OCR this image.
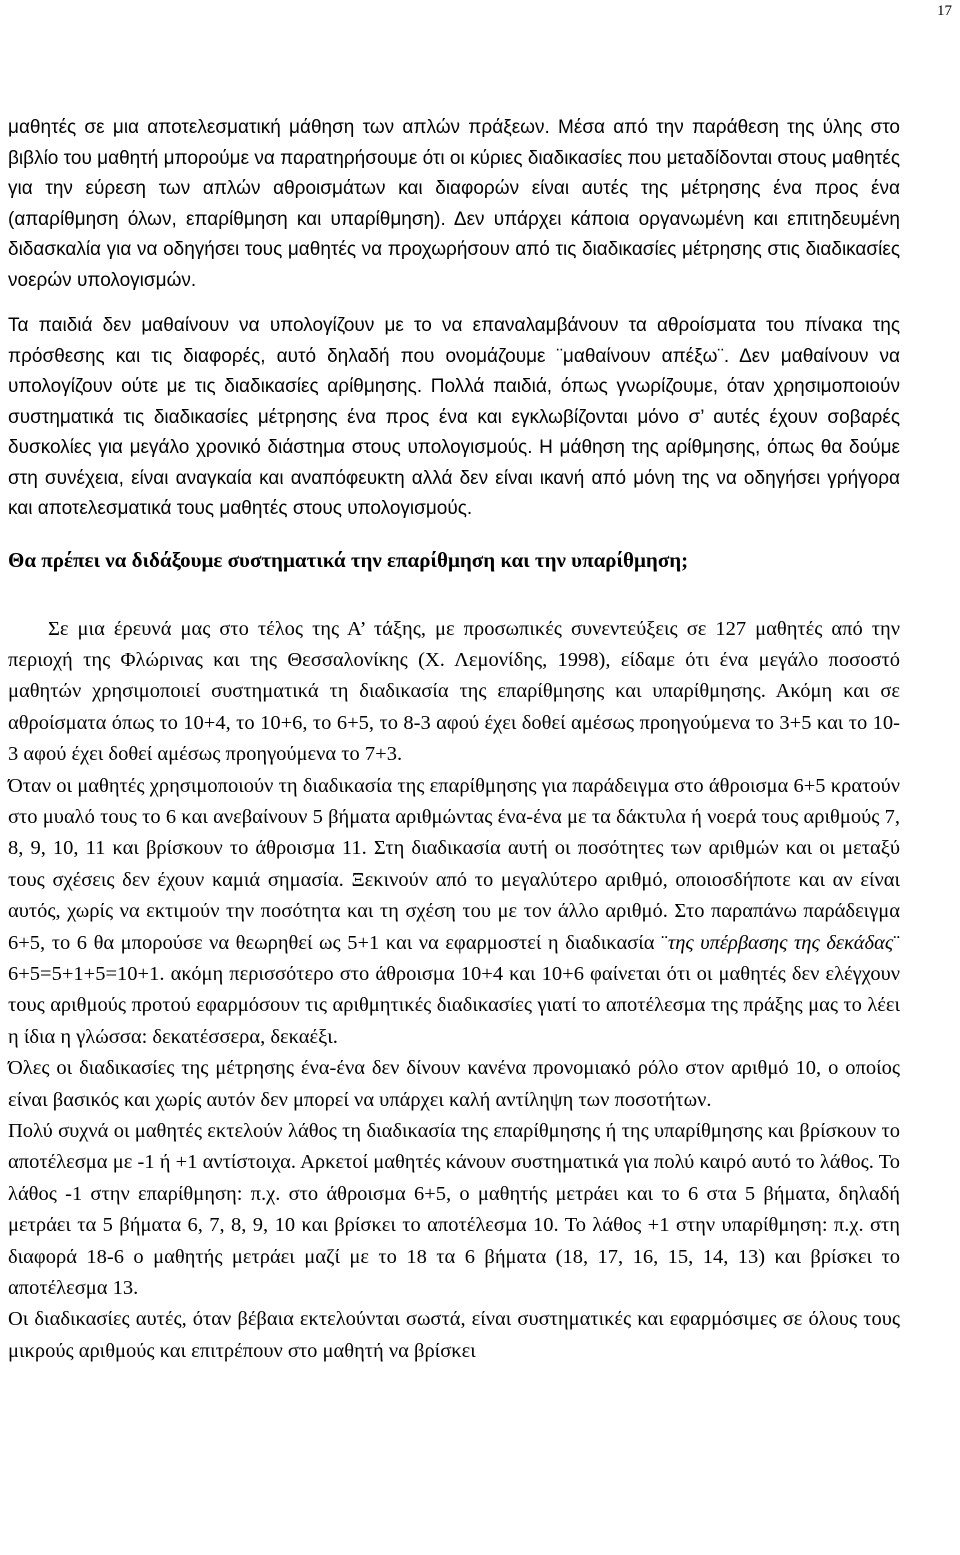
17

μαθητές σε μια αποτελεσματική μάθηση των απλών πράξεων. Μέσα από την παράθεση της ύλης στο βιβλίο του μαθητή μπορούμε να παρατηρήσουμε ότι οι κύριες διαδικασίες που μεταδίδονται στους μαθητές για την εύρεση των απλών αθροισμάτων και διαφορών είναι αυτές της μέτρησης ένα προς ένα (απαρίθμηση όλων, επαρίθμηση και υπαρίθμηση). Δεν υπάρχει κάποια οργανωμένη και επιτηδευμένη διδασκαλία για να οδηγήσει τους μαθητές να προχωρήσουν από τις διαδικασίες μέτρησης στις διαδικασίες νοερών υπολογισμών.

Τα παιδιά δεν μαθαίνουν να υπολογίζουν με το να επαναλαμβάνουν τα αθροίσματα του πίνακα της πρόσθεσης και τις διαφορές, αυτό δηλαδή που ονομάζουμε ¨μαθαίνουν απέξω¨. Δεν μαθαίνουν να υπολογίζουν ούτε με τις διαδικασίες αρίθμησης. Πολλά παιδιά, όπως γνωρίζουμε, όταν χρησιμοποιούν συστηματικά τις διαδικασίες μέτρησης ένα προς ένα και εγκλωβίζονται μόνο σ’ αυτές έχουν σοβαρές δυσκολίες για μεγάλο χρονικό διάστημα στους υπολογισμούς. Η μάθηση της αρίθμησης, όπως θα δούμε στη συνέχεια, είναι αναγκαία και αναπόφευκτη αλλά δεν είναι ικανή από μόνη της να οδηγήσει γρήγορα και αποτελεσματικά τους μαθητές στους υπολογισμούς.

Θα πρέπει να διδάξουμε συστηματικά την επαρίθμηση και την υπαρίθμηση;

Σε μια έρευνά μας στο τέλος της Α’ τάξης, με προσωπικές συνεντεύξεις σε 127 μαθητές από την περιοχή της Φλώρινας και της Θεσσαλονίκης (Χ. Λεμονίδης, 1998), είδαμε ότι ένα μεγάλο ποσοστό μαθητών χρησιμοποιεί συστηματικά τη διαδικασία της επαρίθμησης και υπαρίθμησης. Ακόμη και σε αθροίσματα όπως το 10+4, το 10+6, το 6+5, το 8-3 αφού έχει δοθεί αμέσως προηγούμενα το 3+5 και το 10-3 αφού έχει δοθεί αμέσως προηγούμενα το 7+3.

Όταν οι μαθητές χρησιμοποιούν τη διαδικασία της επαρίθμησης για παράδειγμα στο άθροισμα 6+5 κρατούν στο μυαλό τους το 6 και ανεβαίνουν 5 βήματα αριθμώντας ένα-ένα με τα δάκτυλα ή νοερά τους αριθμούς 7, 8, 9, 10, 11 και βρίσκουν το άθροισμα 11. Στη διαδικασία αυτή οι ποσότητες των αριθμών και οι μεταξύ τους σχέσεις δεν έχουν καμιά σημασία. Ξεκινούν από το μεγαλύτερο αριθμό, οποιοσδήποτε και αν είναι αυτός, χωρίς να εκτιμούν την ποσότητα και τη σχέση του με τον άλλο αριθμό. Στο παραπάνω παράδειγμα 6+5, το 6 θα μπορούσε να θεωρηθεί ως 5+1 και να εφαρμοστεί η διαδικασία ¨της υπέρβασης της δεκάδας¨ 6+5=5+1+5=10+1. ακόμη περισσότερο στο άθροισμα 10+4 και 10+6 φαίνεται ότι οι μαθητές δεν ελέγχουν τους αριθμούς προτού εφαρμόσουν τις αριθμητικές διαδικασίες γιατί το αποτέλεσμα της πράξης μας το λέει η ίδια η γλώσσα: δεκατέσσερα, δεκαέξι.

Όλες οι διαδικασίες της μέτρησης ένα-ένα δεν δίνουν κανένα προνομιακό ρόλο στον αριθμό 10, ο οποίος είναι βασικός και χωρίς αυτόν δεν μπορεί να υπάρχει καλή αντίληψη των ποσοτήτων.

Πολύ συχνά οι μαθητές εκτελούν λάθος τη διαδικασία της επαρίθμησης ή της υπαρίθμησης και βρίσκουν το αποτέλεσμα με -1 ή +1 αντίστοιχα. Αρκετοί μαθητές κάνουν συστηματικά για πολύ καιρό αυτό το λάθος. Το λάθος -1 στην επαρίθμηση: π.χ. στο άθροισμα 6+5, ο μαθητής μετράει και το 6 στα 5 βήματα, δηλαδή μετράει τα 5 βήματα 6, 7, 8, 9, 10 και βρίσκει το αποτέλεσμα 10. Το λάθος +1 στην υπαρίθμηση: π.χ. στη διαφορά 18-6 ο μαθητής μετράει μαζί με το 18 τα 6 βήματα (18, 17, 16, 15, 14, 13) και βρίσκει το αποτέλεσμα 13.

Οι διαδικασίες αυτές, όταν βέβαια εκτελούνται σωστά, είναι συστηματικές και εφαρμόσιμες σε όλους τους μικρούς αριθμούς και επιτρέπουν στο μαθητή να βρίσκει
